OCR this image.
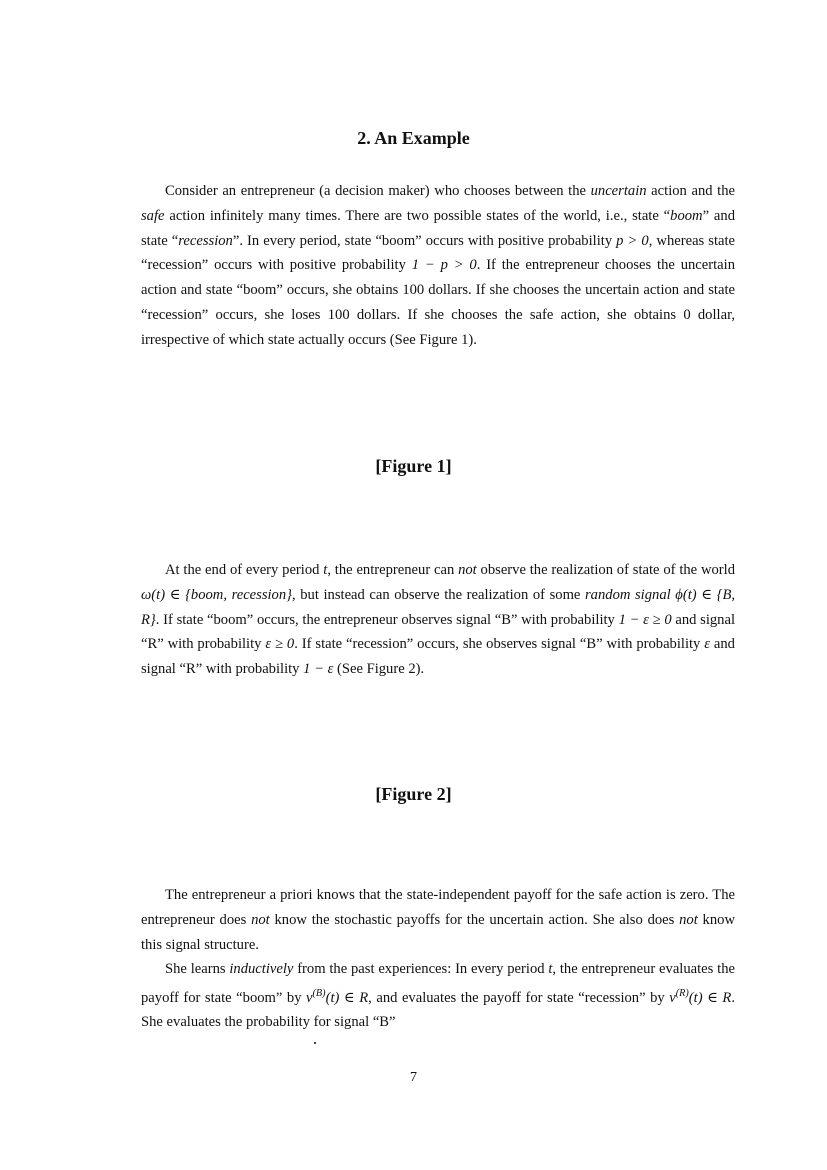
2. An Example

Consider an entrepreneur (a decision maker) who chooses between the uncertain action and the safe action infinitely many times. There are two possible states of the world, i.e., state “boom” and state “recession”. In every period, state “boom” occurs with positive probability p > 0, whereas state “recession” occurs with positive probability 1 − p > 0. If the entrepreneur chooses the uncertain action and state “boom” occurs, she obtains 100 dollars. If she chooses the uncertain action and state “recession” occurs, she loses 100 dollars. If she chooses the safe action, she obtains 0 dollar, irrespective of which state actually occurs (See Figure 1).

[Figure 1]

At the end of every period t, the entrepreneur can not observe the realization of state of the world ω(t) ∈ {boom, recession}, but instead can observe the realization of some random signal ϕ(t) ∈ {B, R}. If state “boom” occurs, the entrepreneur observes signal “B” with probability 1 − ε ≥ 0 and signal “R” with probability ε ≥ 0. If state “recession” occurs, she observes signal “B” with probability ε and signal “R” with probability 1 − ε (See Figure 2).

[Figure 2]

The entrepreneur a priori knows that the state-independent payoff for the safe action is zero. The entrepreneur does not know the stochastic payoffs for the uncertain action. She also does not know this signal structure.

She learns inductively from the past experiences: In every period t, the entrepreneur evaluates the payoff for state “boom” by $v^{(B)}(t)$ ∈ R, and evaluates the payoff for state “recession” by $v^{(R)}(t)$ ∈ R. She evaluates the probability for signal “B”

7
